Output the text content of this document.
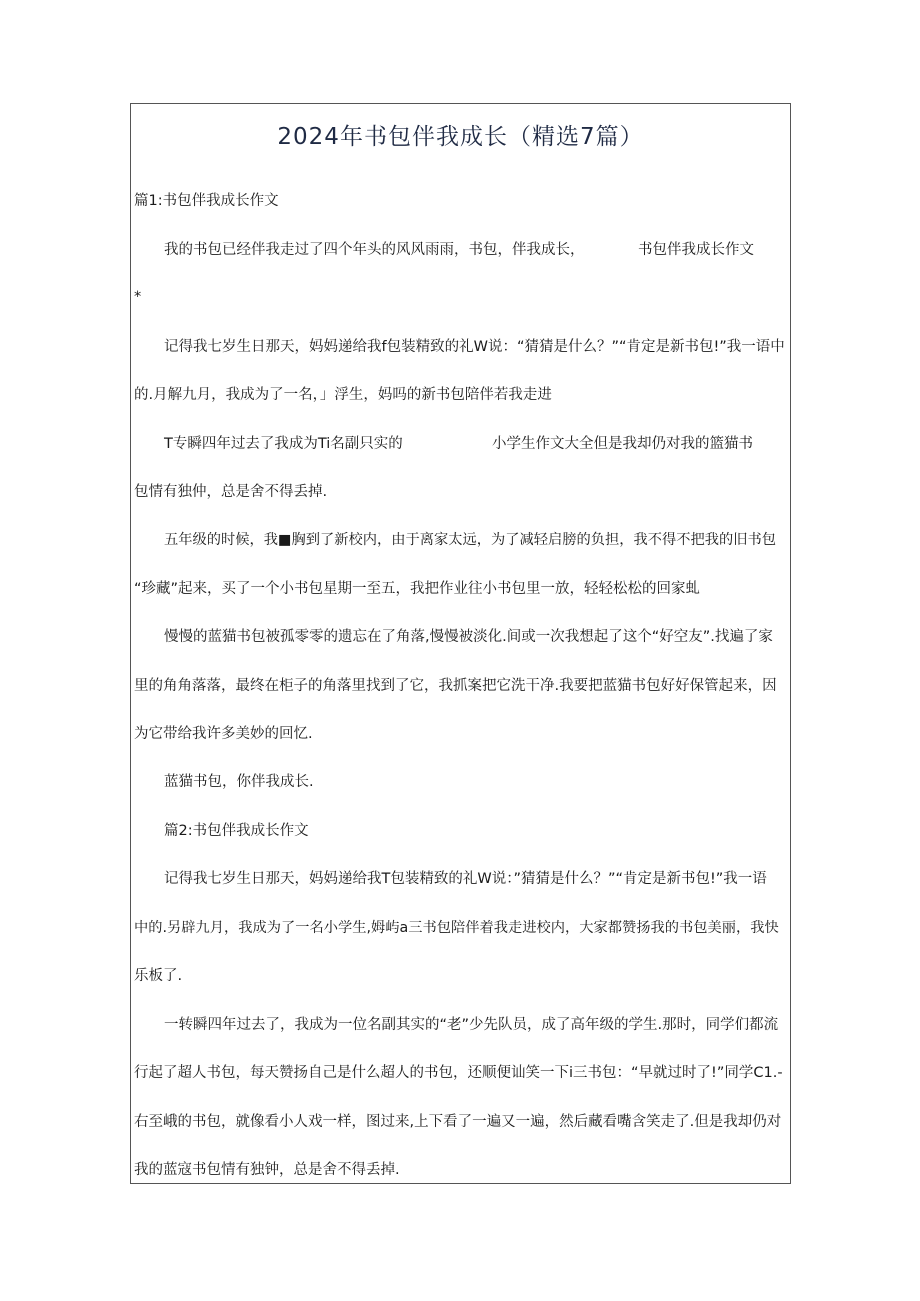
2024年书包伴我成长（精选7篇）

篇1:书包伴我成长作文

我的书包已经伴我走过了四个年头的风风雨雨，书包，伴我成长，	书包伴我成长作文

*

记得我七岁生日那天，妈妈递给我f包装精致的礼W说：“猜猜是什么？”“肯定是新书包!”我一语中

的.月解九月，我成为了一名，」浮生，妈吗的新书包陪伴若我走进

T专瞬四年过去了我成为Ti名副只实的	小学生作文大全但是我却仍对我的篮猫书

包情有独仲，总是舍不得丢掉.

五年级的时候，我■胸到了新校内，由于离家太远，为了减轻启膀的负担，我不得不把我的旧书包

“珍藏”起来，买了一个小书包星期一至五，我把作业往小书包里一放，轻轻松松的回家虬

慢慢的蓝猫书包被孤零零的遗忘在了角落,慢慢被淡化.间或一次我想起了这个“好空友”.找遍了家

里的角角落落，最终在柜子的角落里找到了它，我抓案把它洗干净.我要把蓝猫书包好好保管起来，因

为它带给我许多美妙的回忆.

蓝猫书包，你伴我成长.

篇2:书包伴我成长作文

记得我七岁生日那天，妈妈递给我T包装精致的礼W说：”猜猜是什么？”“肯定是新书包!”我一语

中的.另辟九月，我成为了一名小学生,姆屿a三书包陪伴着我走进校内，大家都赞扬我的书包美丽，我快

乐板了.

一转瞬四年过去了，我成为一位名副其实的“老”少先队员，成了高年级的学生.那时，同学们都流

行起了超人书包，每天赞扬自己是什么超人的书包，还顺便讪笑一下i三书包：“早就过时了!”同学C1.-

右至峨的书包，就像看小人戏一样，图过来,上下看了一遍又一遍，然后藏看嘴含笑走了.但是我却仍对

我的蓝寇书包情有独钟，总是舍不得丢掉.
